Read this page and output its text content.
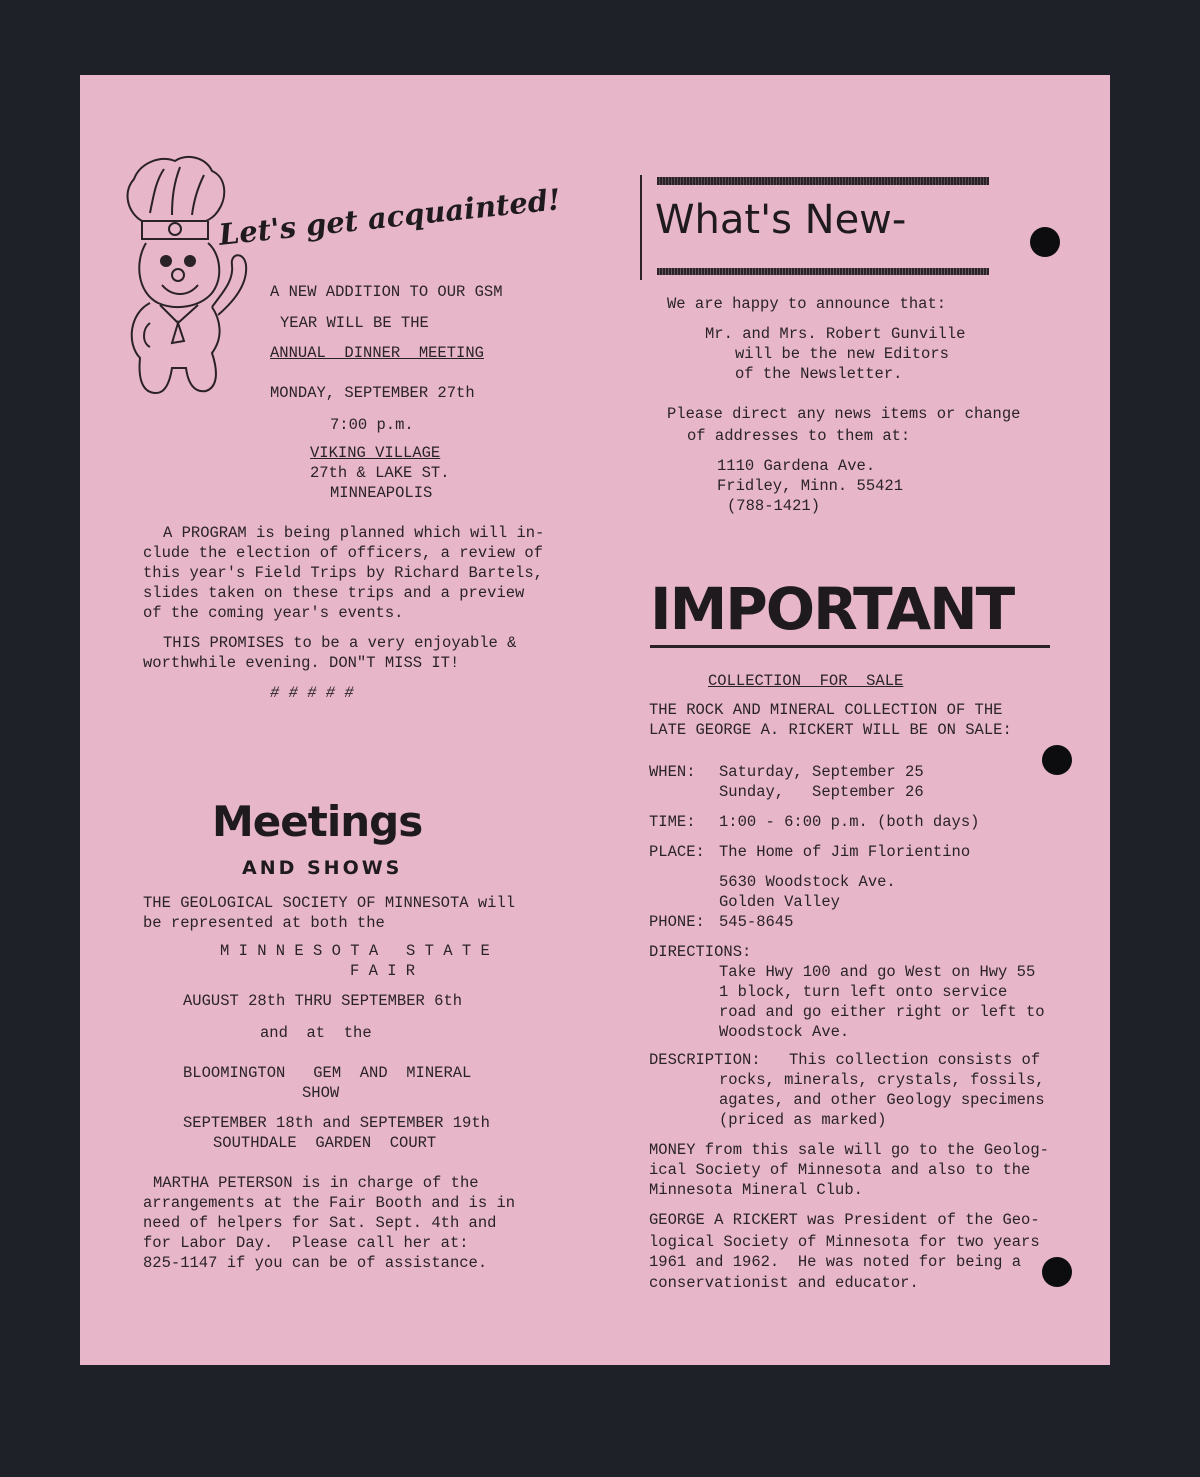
Let's get acquainted!
A NEW ADDITION TO OUR GSM
YEAR WILL BE THE
ANNUAL  DINNER  MEETING
MONDAY, SEPTEMBER 27th
7:00 p.m.
VIKING VILLAGE
27th & LAKE ST.
MINNEAPOLIS
A PROGRAM is being planned which will in-
clude the election of officers, a review of
this year's Field Trips by Richard Bartels,
slides taken on these trips and a preview
of the coming year's events.
THIS PROMISES to be a very enjoyable &
worthwhile evening. DON"T MISS IT!
# # # # #
Meetings
AND SHOWS
THE GEOLOGICAL SOCIETY OF MINNESOTA will
be represented at both the
M I N N E S O T A   S T A T E
F A I R
AUGUST 28th THRU SEPTEMBER 6th
and  at  the
BLOOMINGTON   GEM  AND  MINERAL
SHOW
SEPTEMBER 18th and SEPTEMBER 19th
SOUTHDALE  GARDEN  COURT
MARTHA PETERSON is in charge of the
arrangements at the Fair Booth and is in
need of helpers for Sat. Sept. 4th and
for Labor Day.  Please call her at:
825-1147 if you can be of assistance.
What's New-
We are happy to announce that:
Mr. and Mrs. Robert Gunville
will be the new Editors
of the Newsletter.
Please direct any news items or change
of addresses to them at:
1110 Gardena Ave.
Fridley, Minn. 55421
(788-1421)
IMPORTANT
COLLECTION  FOR  SALE
THE ROCK AND MINERAL COLLECTION OF THE
LATE GEORGE A. RICKERT WILL BE ON SALE:
WHEN: Saturday, September 25
Sunday,   September 26
TIME: 1:00 - 6:00 p.m. (both days)
PLACE: The Home of Jim Florientino
5630 Woodstock Ave.
Golden Valley
PHONE: 545-8645
DIRECTIONS:
Take Hwy 100 and go West on Hwy 55
1 block, turn left onto service
road and go either right or left to
Woodstock Ave.
DESCRIPTION: This collection consists of
rocks, minerals, crystals, fossils,
agates, and other Geology specimens
(priced as marked)
MONEY from this sale will go to the Geolog-
ical Society of Minnesota and also to the
Minnesota Mineral Club.
GEORGE A RICKERT was President of the Geo-
logical Society of Minnesota for two years
1961 and 1962.  He was noted for being a
conservationist and educator.
